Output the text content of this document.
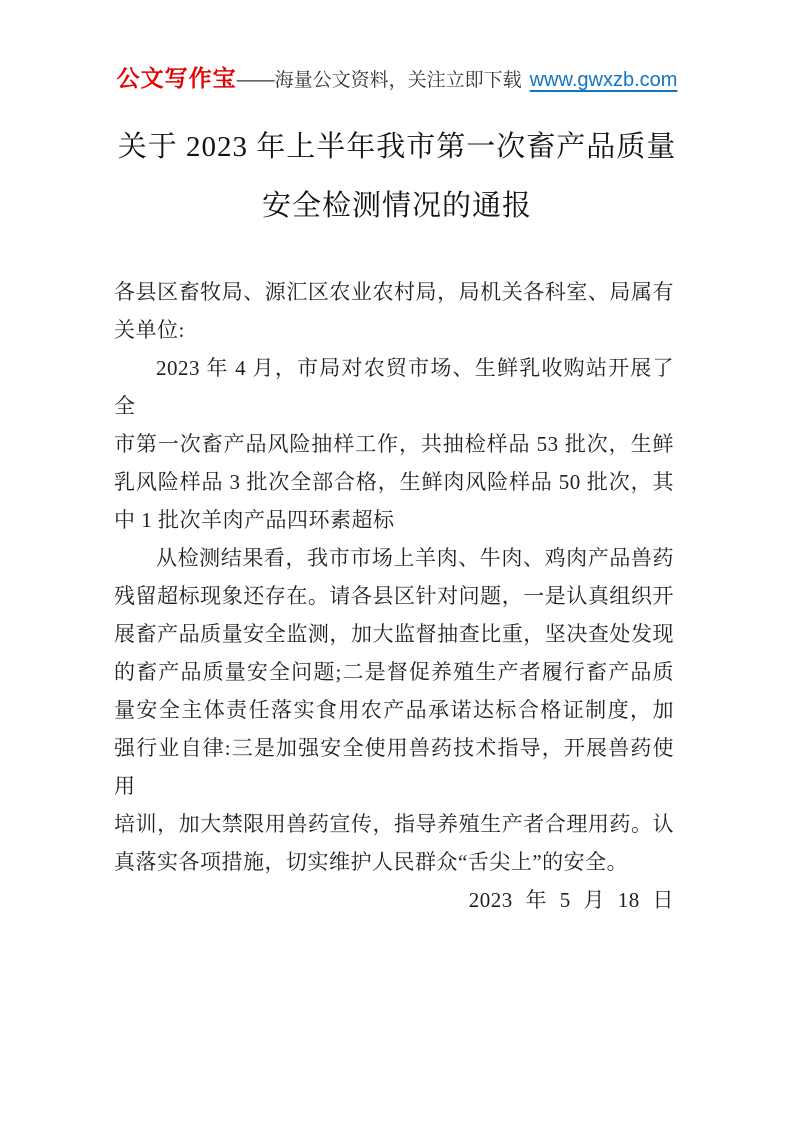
公文写作宝——海量公文资料，关注立即下载 www.gwxzb.com
关于 2023 年上半年我市第一次畜产品质量
安全检测情况的通报
各县区畜牧局、源汇区农业农村局，局机关各科室、局属有
关单位:
2023 年 4 月，市局对农贸市场、生鲜乳收购站开展了全
市第一次畜产品风险抽样工作，共抽检样品 53 批次，生鲜
乳风险样品 3 批次全部合格，生鲜肉风险样品 50 批次，其
中 1 批次羊肉产品四环素超标
从检测结果看，我市市场上羊肉、牛肉、鸡肉产品兽药
残留超标现象还存在。请各县区针对问题，一是认真组织开
展畜产品质量安全监测，加大监督抽查比重，坚决查处发现
的畜产品质量安全问题;二是督促养殖生产者履行畜产品质
量安全主体责任落实食用农产品承诺达标合格证制度，加
强行业自律:三是加强安全使用兽药技术指导，开展兽药使用
培训，加大禁限用兽药宣传，指导养殖生产者合理用药。认
真落实各项措施，切实维护人民群众“舌尖上”的安全。
2023 年 5 月 18 日
